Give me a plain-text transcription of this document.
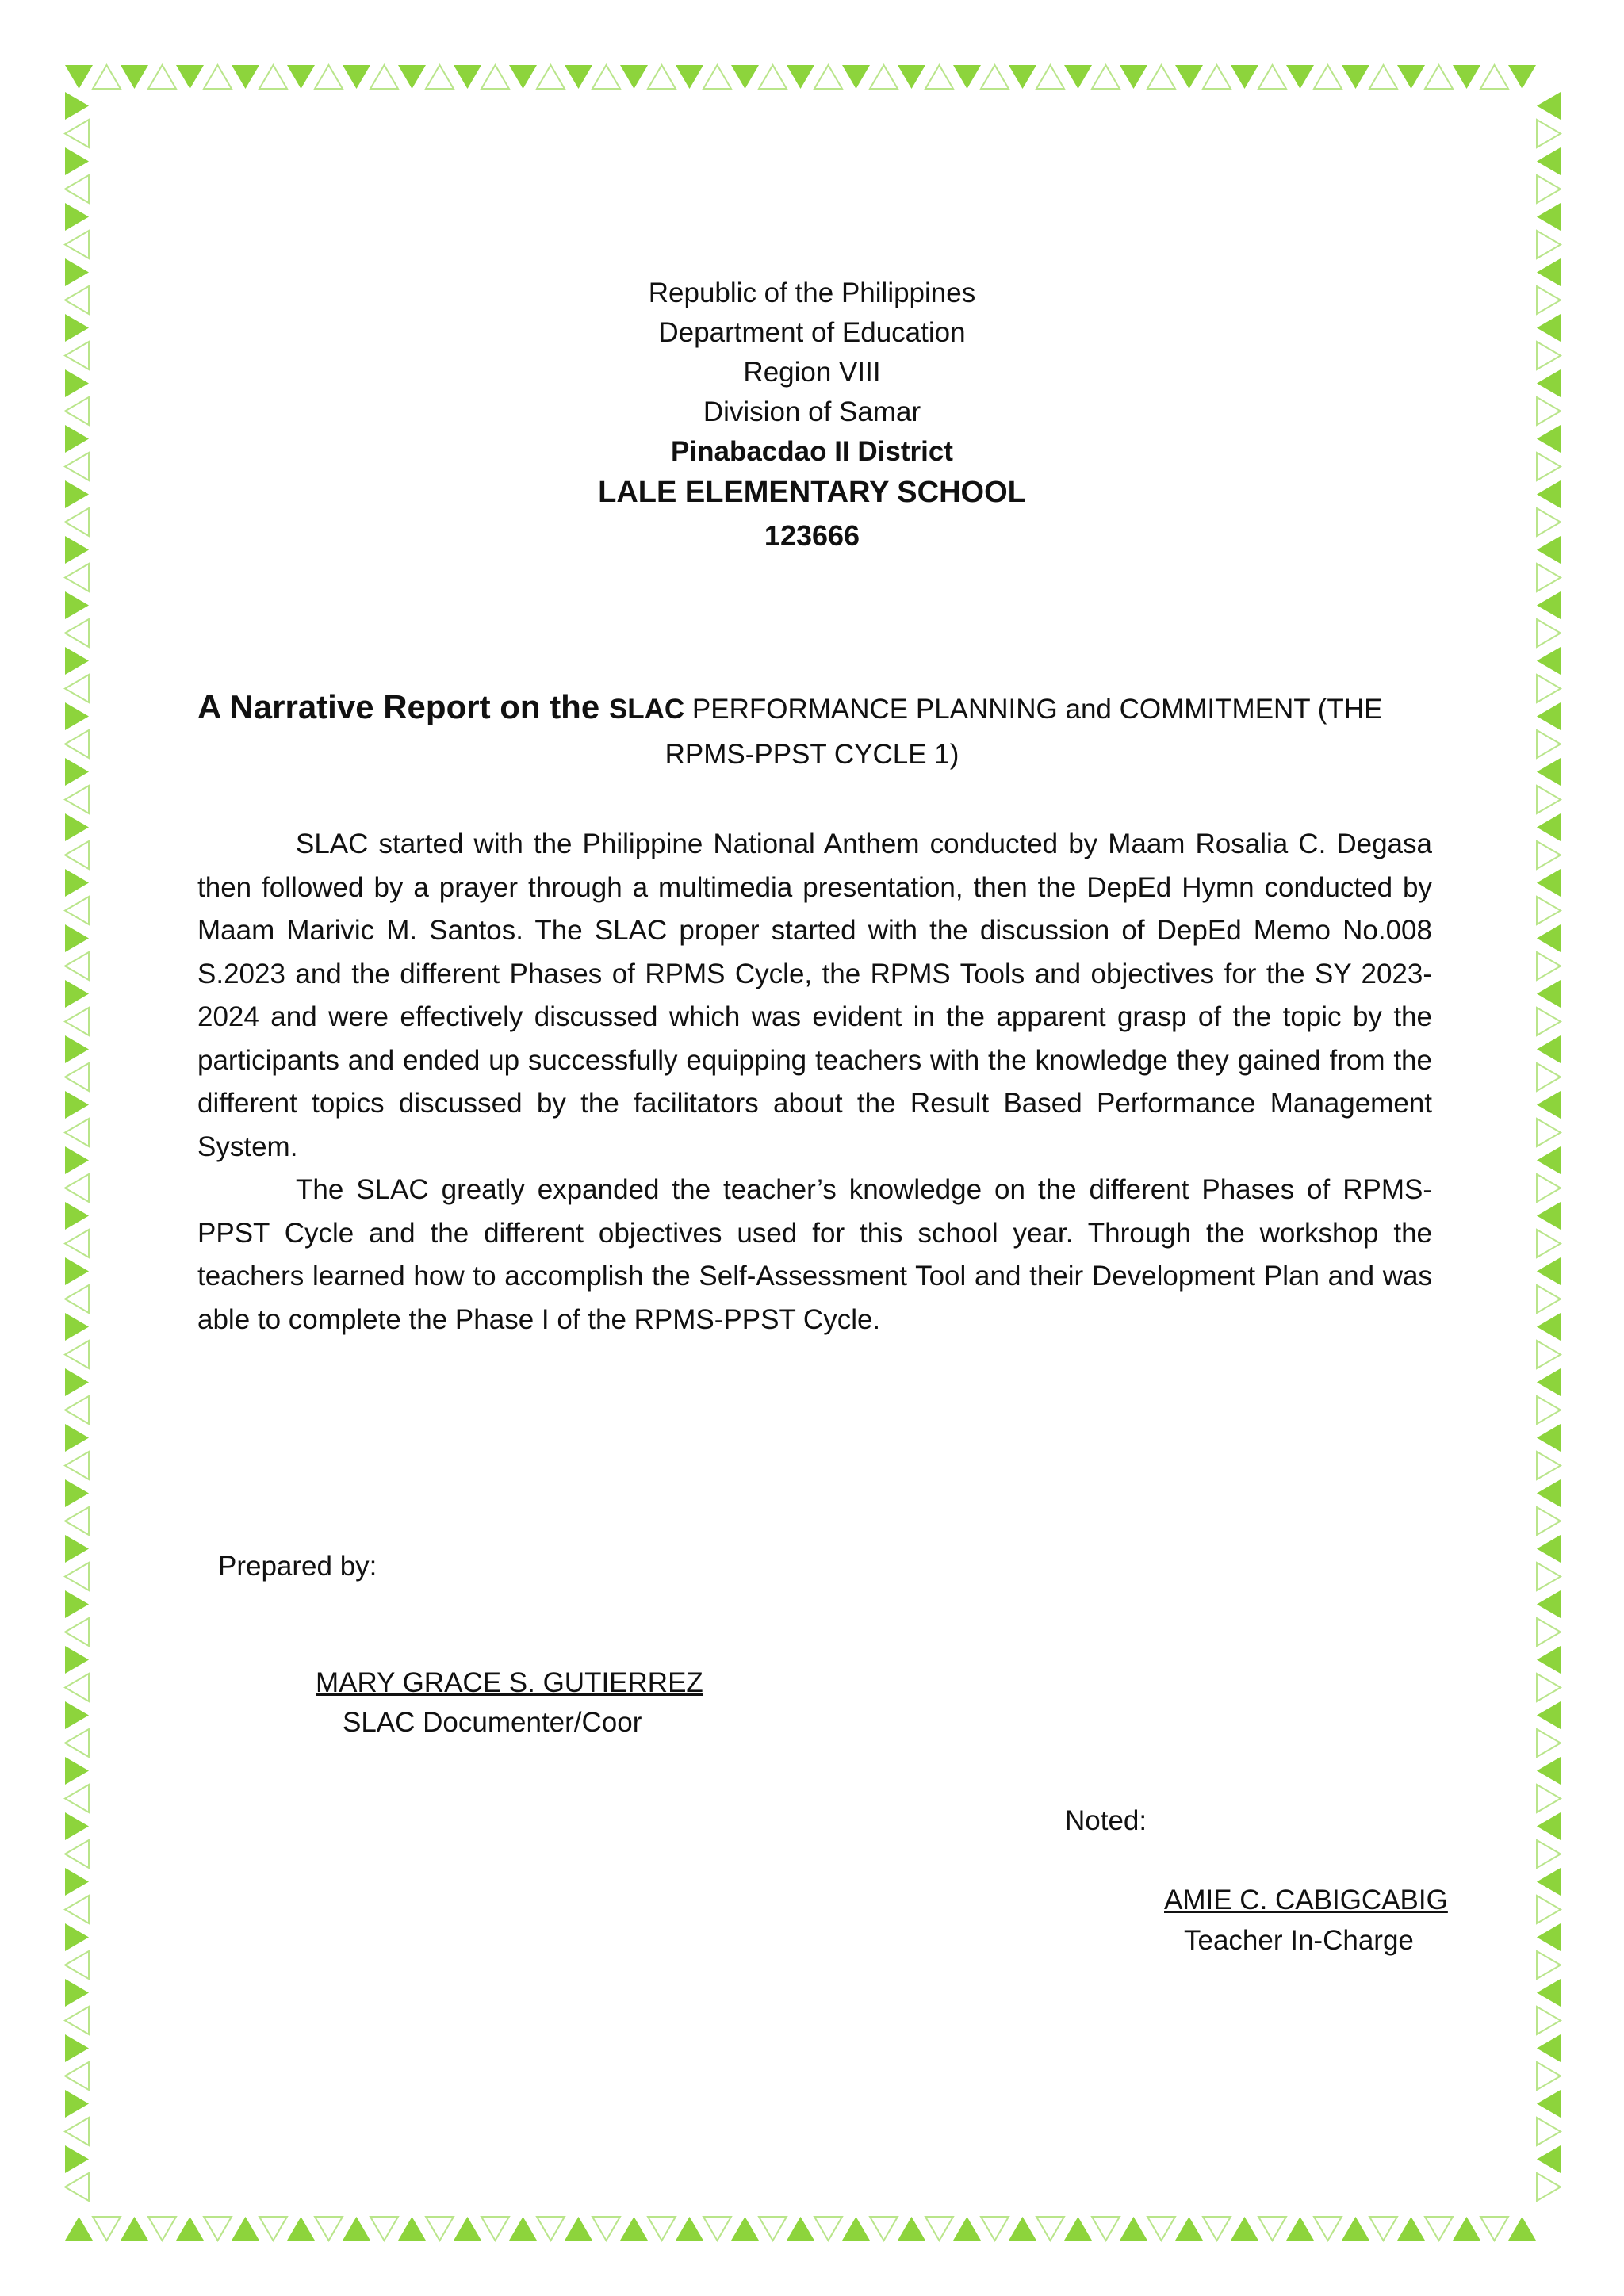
Republic of the Philippines

Department of Education

Region VIII

Division of Samar

Pinabacdao II District

LALE ELEMENTARY SCHOOL

123666

A Narrative Report on the SLAC PERFORMANCE PLANNING and COMMITMENT (THE

RPMS-PPST CYCLE 1)

SLAC started with the Philippine National Anthem conducted by Maam Rosalia C. Degasa then followed by a prayer through a multimedia presentation, then the DepEd Hymn conducted by Maam Marivic M. Santos. The SLAC proper started with the discussion of DepEd Memo No.008 S.2023 and the different Phases of RPMS Cycle, the RPMS Tools and objectives for the SY 2023-2024 and were effectively discussed which was evident in the apparent grasp of the topic by the participants and ended up successfully equipping teachers with the knowledge they gained from the different topics discussed by the facilitators about the Result Based Performance Management System.

The SLAC greatly expanded the teacher’s knowledge on the different Phases of RPMS-PPST Cycle and the different objectives used for this school year. Through the workshop the teachers learned how to accomplish the Self-Assessment Tool and their Development Plan and was able to complete the Phase I of the RPMS-PPST Cycle.

Prepared by:

MARY GRACE S. GUTIERREZ

SLAC Documenter/Coor

Noted:

AMIE C. CABIGCABIG

Teacher In-Charge
